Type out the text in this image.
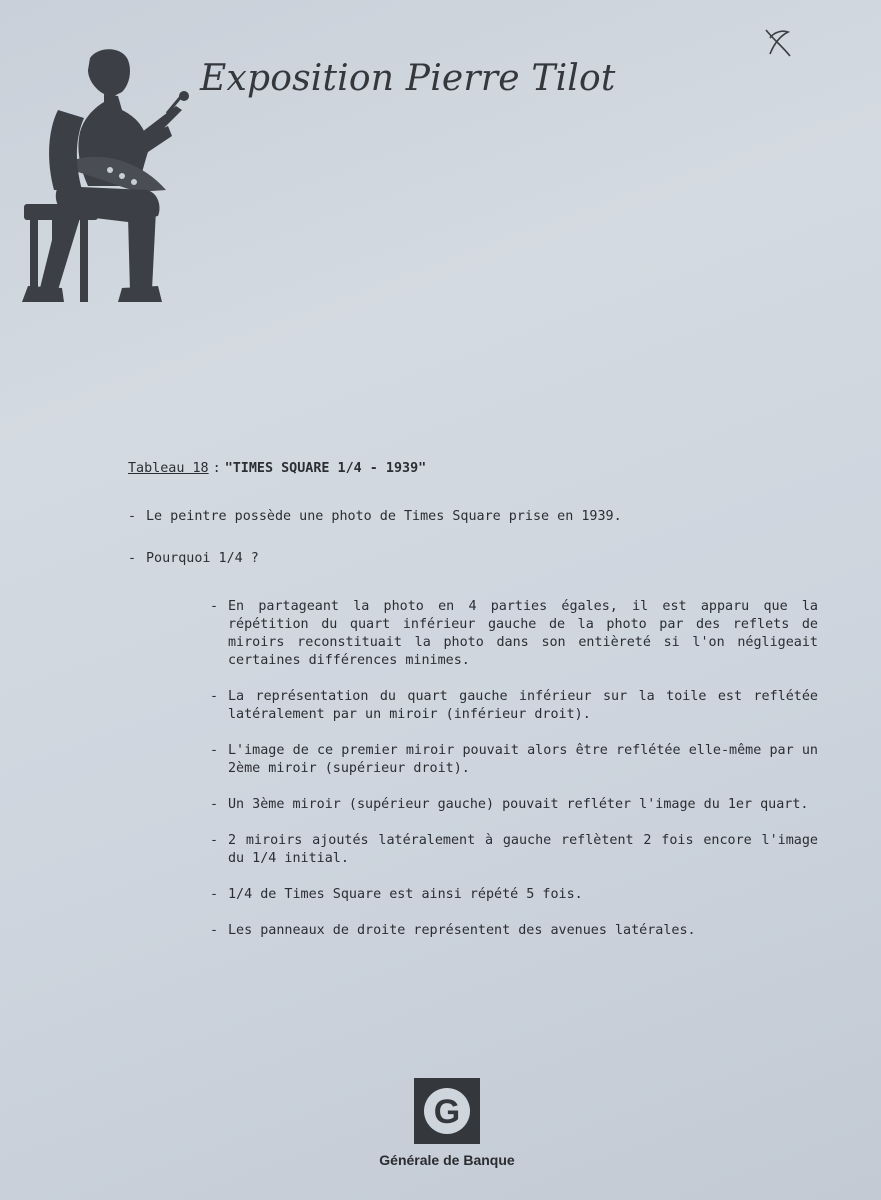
Exposition Pierre Tilot
Tableau 18 : "TIMES SQUARE 1/4 - 1939"
- Le peintre possède une photo de Times Square prise en 1939.
- Pourquoi 1/4 ?
- En partageant la photo en 4 parties égales, il est apparu que la répétition du quart inférieur gauche de la photo par des reflets de miroirs reconstituait la photo dans son entièreté si l'on négligeait certaines différences minimes.
- La représentation du quart gauche inférieur sur la toile est reflétée latéralement par un miroir (inférieur droit).
- L'image de ce premier miroir pouvait alors être reflétée elle-même par un 2ème miroir (supérieur droit).
- Un 3ème miroir (supérieur gauche) pouvait refléter l'image du 1er quart.
- 2 miroirs ajoutés latéralement à gauche reflètent 2 fois encore l'image du 1/4 initial.
- 1/4 de Times Square est ainsi répété 5 fois.
- Les panneaux de droite représentent des avenues latérales.
G
Générale de Banque
